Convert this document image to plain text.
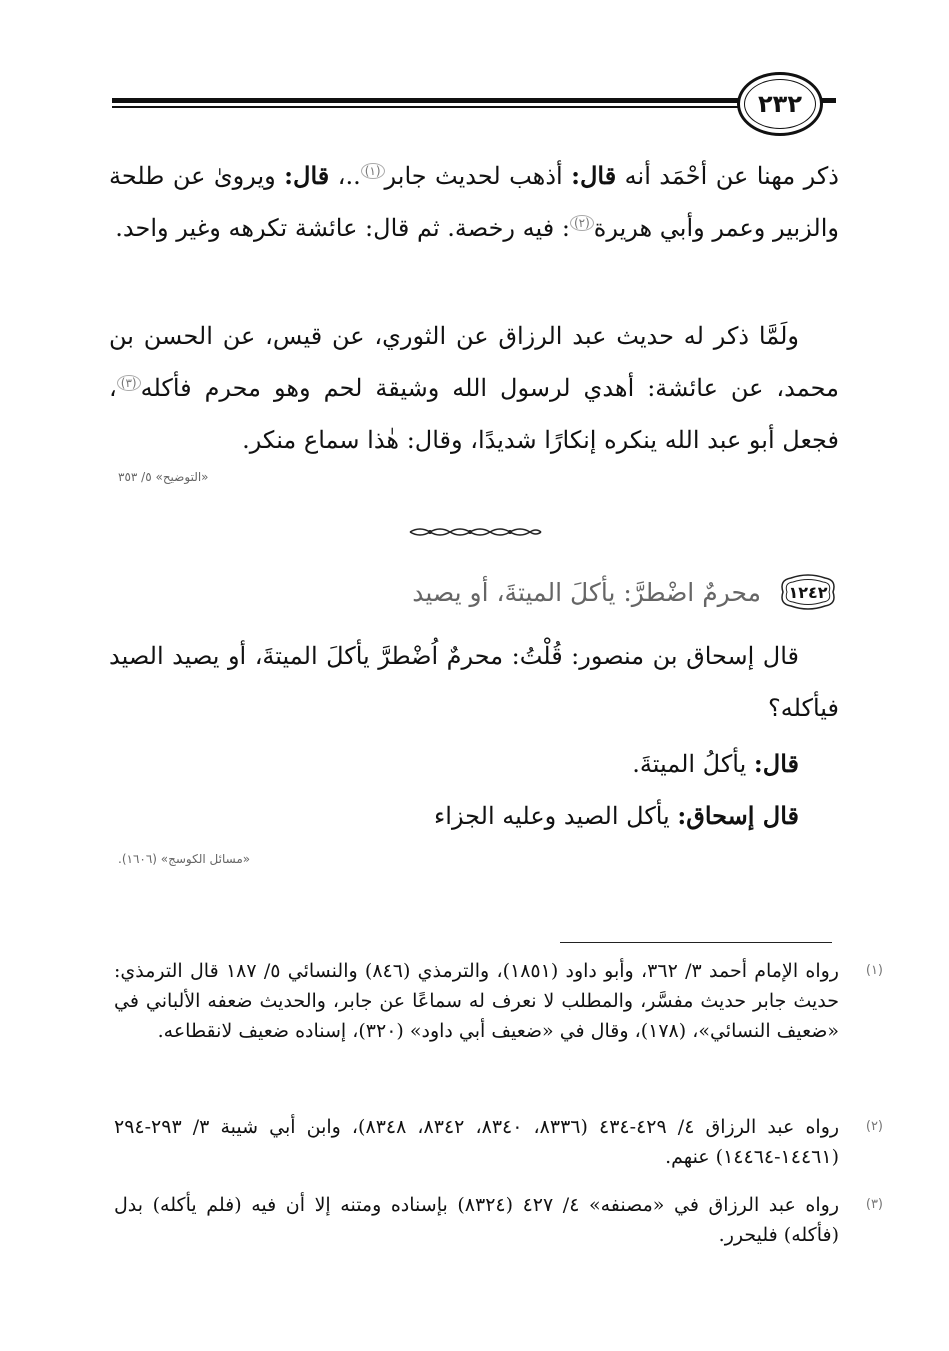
٢٣٢

ذكر مهنا عن أحْمَد أنه قال: أذهب لحديث جابر$^{(١)}$..، قال: ويروىٰ عن طلحة والزبير وعمر وأبي هريرة$^{(٢)}$: فيه رخصة. ثم قال: عائشة تكرهه وغير واحد.

ولَمَّا ذكر له حديث عبد الرزاق عن الثوري، عن قيس، عن الحسن بن محمد، عن عائشة: أهدي لرسول الله وشيقة لحم وهو محرم فأكله$^{(٣)}$، فجعل أبو عبد الله ينكره إنكارًا شديدًا، وقال: هٰذا سماع منكر.

«التوضيح» ٥/ ٣٥٣
١٢٤٢
محرمٌ اضْطرَّ: يأكلَ الميتةَ، أو يصيد

قال إسحاق بن منصور: قُلْتُ: محرمٌ اُضْطرَّ يأكلَ الميتةَ، أو يصيد الصيد فيأكله؟

قال: يأكلُ الميتةَ.

قال إسحاق: يأكل الصيد وعليه الجزاء

«مسائل الكوسج» (١٦٠٦).
(١)
رواه الإمام أحمد ٣/ ٣٦٢، وأبو داود (١٨٥١)، والترمذي (٨٤٦) والنسائي ٥/ ١٨٧ قال الترمذي: حديث جابر حديث مفسَّر، والمطلب لا نعرف له سماعًا عن جابر، والحديث ضعفه الألباني في «ضعيف النسائي»، (١٧٨)، وقال في «ضعيف أبي داود» (٣٢٠)، إسناده ضعيف لانقطاعه.
(٢)
رواه عبد الرزاق ٤/ ٤٢٩-٤٣٤ (٨٣٣٦، ٨٣٤٠، ٨٣٤٢، ٨٣٤٨)، وابن أبي شيبة ٣/ ٢٩٣-٢٩٤ (١٤٤٦١-١٤٤٦٤) عنهم.
(٣)
رواه عبد الرزاق في «مصنفه» ٤/ ٤٢٧ (٨٣٢٤) بإسناده ومتنه إلا أن فيه (فلم يأكله) بدل (فأكله) فليحرر.
